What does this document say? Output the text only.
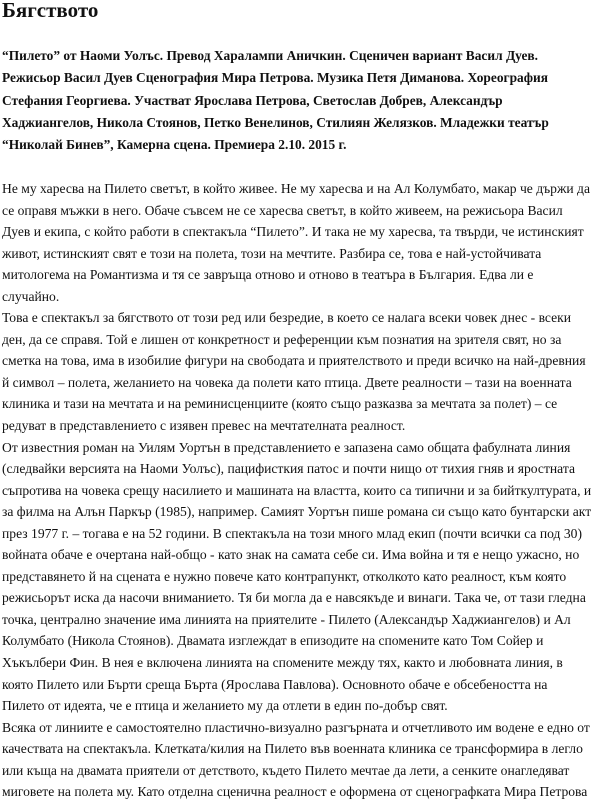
Бягството
“Пилето” от Наоми Уолъс. Превод Харалампи Аничкин. Сценичен вариант Васил Дуев.
Режисьор Васил Дуев Сценография Мира Петрова. Музика Петя Диманова. Хореография
Стефания Георгиева. Участват Ярослава Петрова, Светослав Добрев, Александър
Хаджиангелов, Никола Стоянов, Петко Венелинов, Стилиян Желязков. Младежки театър
“Николай Бинев”, Камерна сцена. Премиера 2.10. 2015 г.
Не му харесва на Пилето светът, в който живее. Не му харесва и на Ал Колумбато, макар че държи да
се оправя мъжки в него. Обаче съвсем не се харесва светът, в който живеем, на режисьора Васил
Дуев и екипа, с който работи в спектакъла “Пилето”. И така не му харесва, та твърди, че истинският
живот, истинският свят е този на полета, този на мечтите. Разбира се, това е най-устойчивата
митологема на Романтизма и тя се завръща отново и отново в театъра в България. Едва ли е
случайно.
Това е спектакъл за бягството от този ред или безредие, в което се налага всеки човек днес - всеки
ден, да се справя. Той е лишен от конкретност и референции към познатия на зрителя свят, но за
сметка на това, има в изобилие фигури на свободата и приятелството и преди всичко на най-древния
й символ – полета, желанието на човека да полети като птица. Двете реалности – тази на военната
клиника и тази на мечтата и на реминисценциите (която също разказва за мечтата за полет) – се
редуват в представлението с изявен превес на мечтателната реалност.
От известния роман на Уилям Уортън в представлението е запазена само общата фабулната линия
(следвайки версията на Наоми Уолъс), пацифисткия патос и почти нищо от тихия гняв и яростната
съпротива на човека срещу насилието и машината на властта, които са типични и за бийткултурата, и
за филма на Алън Паркър (1985), например. Самият Уортън пише романа си също като бунтарски акт
през 1977 г. – тогава е на 52 години. В спектакъла на този много млад екип (почти всички са под 30)
войната обаче е очертана най-общо - като знак на самата себе си. Има война и тя е нещо ужасно, но
представянето й на сцената е нужно повече като контрапункт, отколкото като реалност, към която
режисьорът иска да насочи вниманието. Тя би могла да е навсякъде и винаги. Така че, от тази гледна
точка, централно значение има линията на приятелите - Пилето (Александър Хаджиангелов) и Ал
Колумбато (Никола Стоянов). Двамата изглеждат в епизодите на спомените като Том Сойер и
Хъкълбери Фин. В нея е включена линията на спомените между тях, както и любовната линия, в
която Пилето или Бърти среща Бърта (Ярослава Павлова). Основното обаче е обсебеността на
Пилето от идеята, че е птица и желанието му да отлети в един по-добър свят.
Всяка от линиите е самостоятелно пластично-визуално разгърната и отчетливото им водене е едно от
качествата на спектакъла. Клетката/килия на Пилето във военната клиника се трансформира в легло
или къща на двамата приятели от детството, където Пилето мечтае да лети, а сенките онагледяват
миговете на полета му. Като отделна сценична реалност е оформена от сценографката Мира Петрова
